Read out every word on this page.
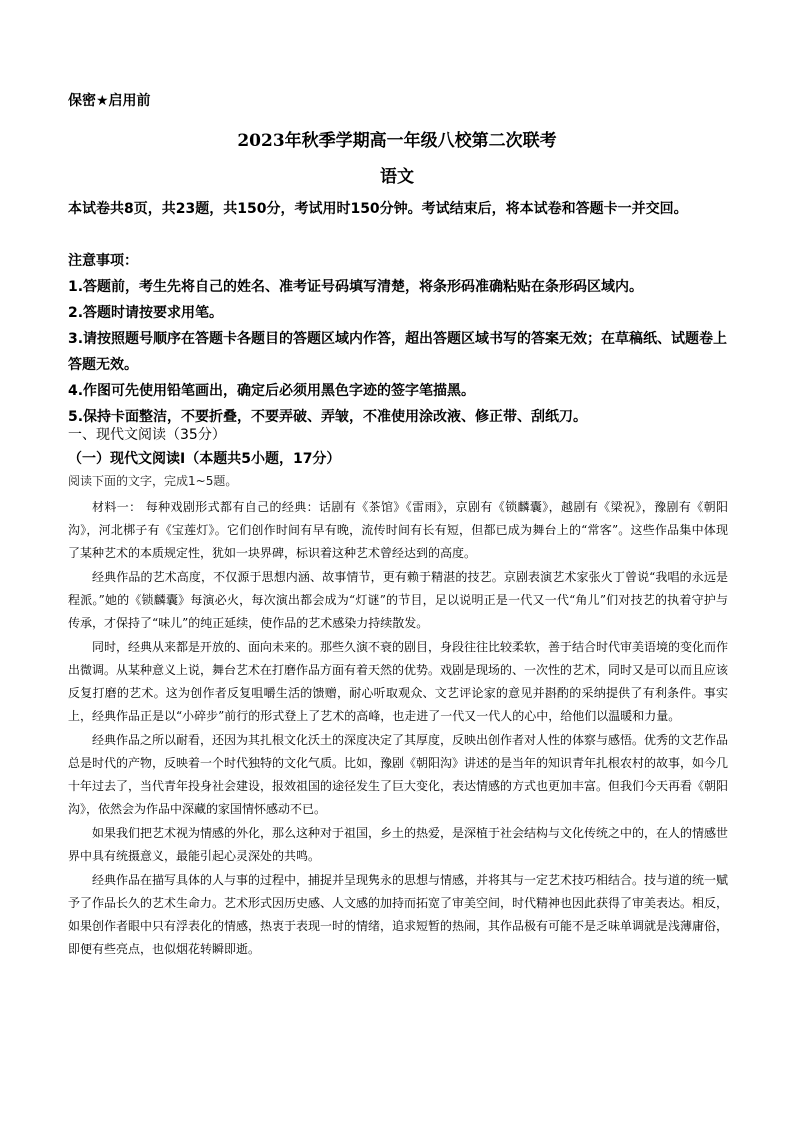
保密★启用前
2023年秋季学期高一年级八校第二次联考
语文
本试卷共8页，共23题，共150分，考试用时150分钟。考试结束后，将本试卷和答题卡一并交回。
注意事项：
1.答题前，考生先将自己的姓名、准考证号码填写清楚，将条形码准确粘贴在条形码区域内。
2.答题时请按要求用笔。
3.请按照题号顺序在答题卡各题目的答题区域内作答，超出答题区域书写的答案无效；在草稿纸、试题卷上答题无效。
4.作图可先使用铅笔画出，确定后必须用黑色字迹的签字笔描黑。
5.保持卡面整洁，不要折叠，不要弄破、弄皱，不准使用涂改液、修正带、刮纸刀。
一、现代文阅读（35分）
（一）现代文阅读I（本题共5小题，17分）
阅读下面的文字，完成1~5题。

材料一： 每种戏剧形式都有自己的经典：话剧有《茶馆》《雷雨》，京剧有《锁麟囊》，越剧有《梁祝》，豫剧有《朝阳沟》，河北梆子有《宝莲灯》。它们创作时间有早有晚，流传时间有长有短，但都已成为舞台上的“常客”。这些作品集中体现了某种艺术的本质规定性，犹如一块界碑，标识着这种艺术曾经达到的高度。

经典作品的艺术高度，不仅源于思想内涵、故事情节，更有赖于精湛的技艺。京剧表演艺术家张火丁曾说“我唱的永远是程派。”她的《锁麟囊》每演必火，每次演出都会成为“灯谜”的节目，足以说明正是一代又一代“角儿”们对技艺的执着守护与传承，才保持了“味儿”的纯正延续，使作品的艺术感染力持续散发。

同时，经典从来都是开放的、面向未来的。那些久演不衰的剧目，身段往往比较柔软，善于结合时代审美语境的变化而作出微调。从某种意义上说，舞台艺术在打磨作品方面有着天然的优势。戏剧是现场的、一次性的艺术，同时又是可以而且应该反复打磨的艺术。这为创作者反复咀嚼生活的馈赠，耐心听取观众、文艺评论家的意见并斟酌的采纳提供了有利条件。事实上，经典作品正是以“小碎步”前行的形式登上了艺术的高峰，也走进了一代又一代人的心中，给他们以温暖和力量。

经典作品之所以耐看，还因为其扎根文化沃土的深度决定了其厚度，反映出创作者对人性的体察与感悟。优秀的文艺作品总是时代的产物，反映着一个时代独特的文化气质。比如，豫剧《朝阳沟》讲述的是当年的知识青年扎根农村的故事，如今几十年过去了，当代青年投身社会建设，报效祖国的途径发生了巨大变化，表达情感的方式也更加丰富。但我们今天再看《朝阳沟》，依然会为作品中深藏的家国情怀感动不已。

如果我们把艺术视为情感的外化，那么这种对于祖国，乡土的热爱，是深植于社会结构与文化传统之中的，在人的情感世界中具有统摄意义，最能引起心灵深处的共鸣。

经典作品在描写具体的人与事的过程中，捕捉并呈现隽永的思想与情感，并将其与一定艺术技巧相结合。技与道的统一赋予了作品长久的艺术生命力。艺术形式因历史感、人文感的加持而拓宽了审美空间，时代精神也因此获得了审美表达。相反，如果创作者眼中只有浮表化的情感，热衷于表现一时的情绪，追求短暂的热闹，其作品极有可能不是乏味单调就是浅薄庸俗，即便有些亮点，也似烟花转瞬即逝。
